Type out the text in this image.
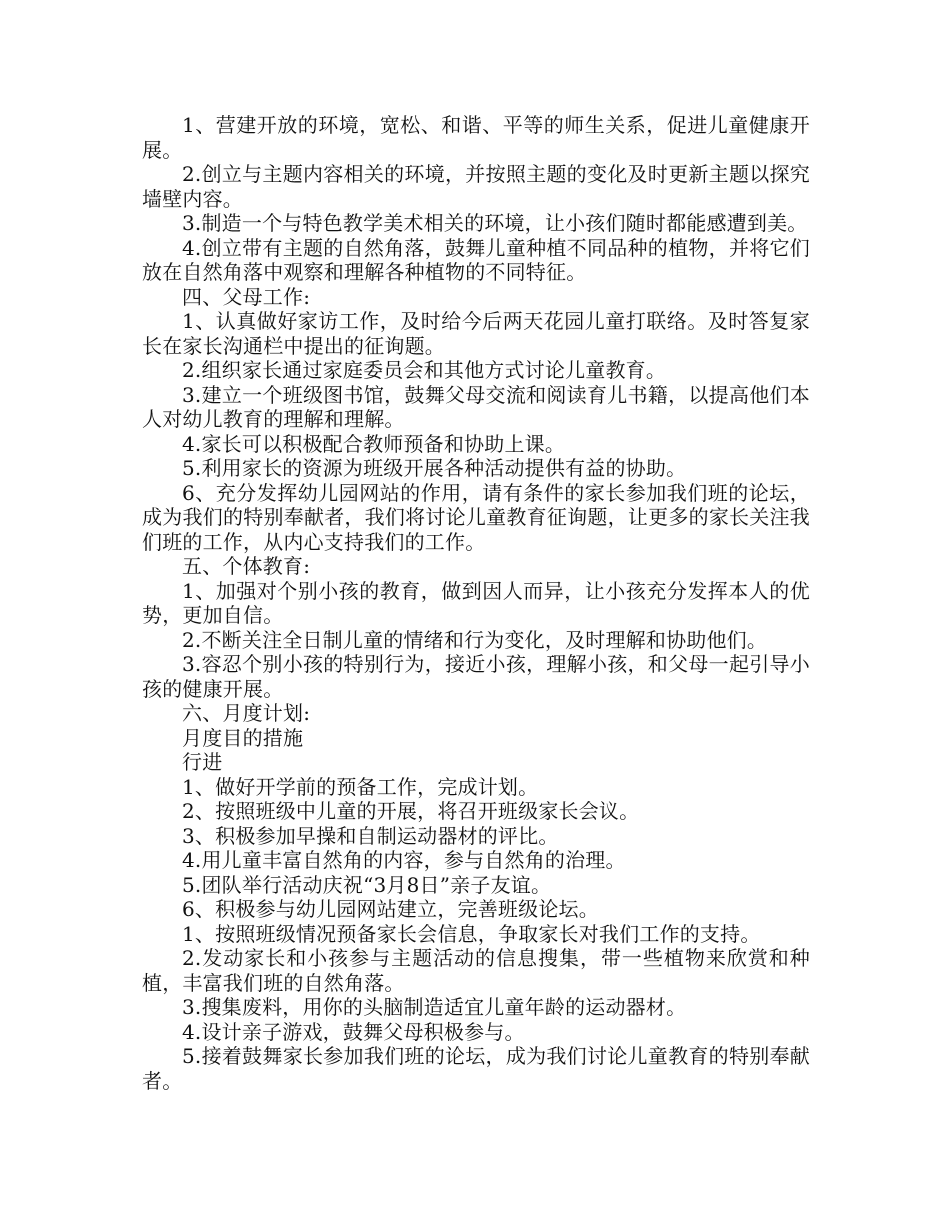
1、营建开放的环境，宽松、和谐、平等的师生关系，促进儿童健康开展。

2.创立与主题内容相关的环境，并按照主题的变化及时更新主题以探究墙壁内容。

3.制造一个与特色教学美术相关的环境，让小孩们随时都能感遭到美。

4.创立带有主题的自然角落，鼓舞儿童种植不同品种的植物，并将它们放在自然角落中观察和理解各种植物的不同特征。

四、父母工作:

1、认真做好家访工作，及时给今后两天花园儿童打联络。及时答复家长在家长沟通栏中提出的征询题。

2.组织家长通过家庭委员会和其他方式讨论儿童教育。

3.建立一个班级图书馆，鼓舞父母交流和阅读育儿书籍，以提高他们本人对幼儿教育的理解和理解。

4.家长可以积极配合教师预备和协助上课。

5.利用家长的资源为班级开展各种活动提供有益的协助。

6、充分发挥幼儿园网站的作用，请有条件的家长参加我们班的论坛，成为我们的特别奉献者，我们将讨论儿童教育征询题，让更多的家长关注我们班的工作，从内心支持我们的工作。

五、个体教育:

1、加强对个别小孩的教育，做到因人而异，让小孩充分发挥本人的优势，更加自信。

2.不断关注全日制儿童的情绪和行为变化，及时理解和协助他们。

3.容忍个别小孩的特别行为，接近小孩，理解小孩，和父母一起引导小孩的健康开展。

六、月度计划:

月度目的措施

行进

1、做好开学前的预备工作，完成计划。

2、按照班级中儿童的开展，将召开班级家长会议。

3、积极参加早操和自制运动器材的评比。

4.用儿童丰富自然角的内容，参与自然角的治理。

5.团队举行活动庆祝“3月8日”亲子友谊。

6、积极参与幼儿园网站建立，完善班级论坛。

1、按照班级情况预备家长会信息，争取家长对我们工作的支持。

2.发动家长和小孩参与主题活动的信息搜集，带一些植物来欣赏和种植，丰富我们班的自然角落。

3.搜集废料，用你的头脑制造适宜儿童年龄的运动器材。

4.设计亲子游戏，鼓舞父母积极参与。

5.接着鼓舞家长参加我们班的论坛，成为我们讨论儿童教育的特别奉献者。
